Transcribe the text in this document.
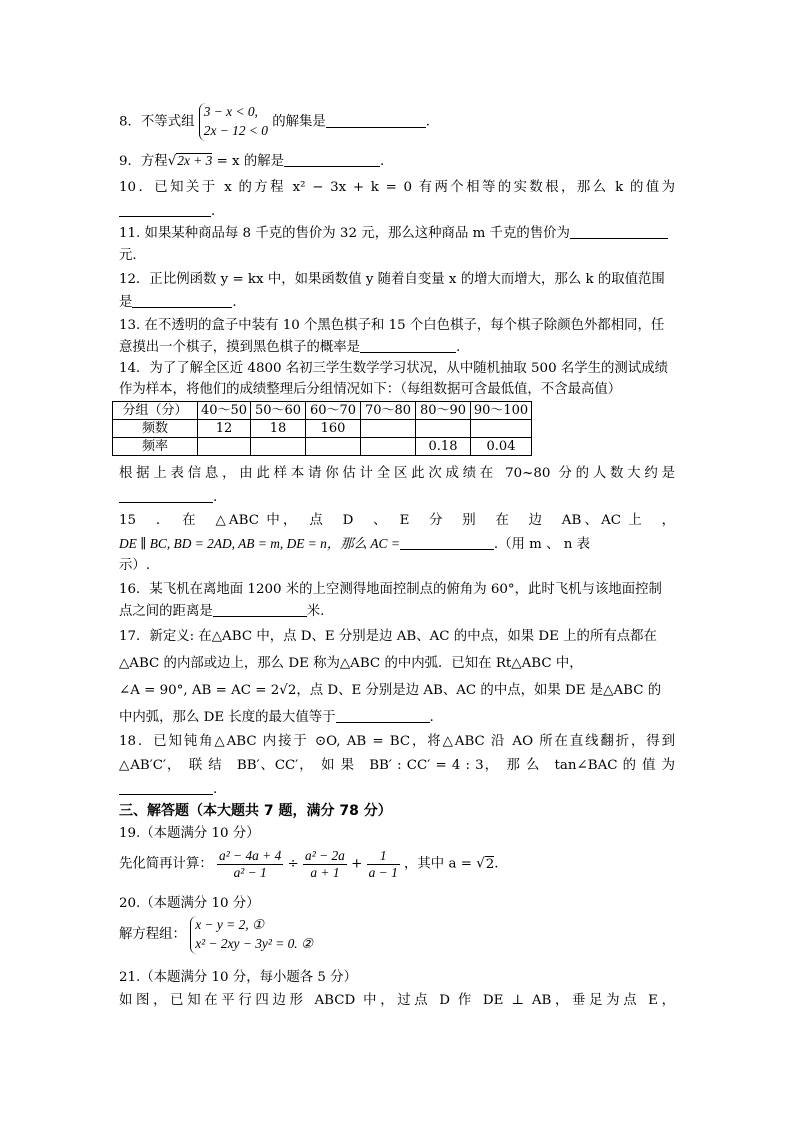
8．不等式组 3 − x < 0,
2x − 12 < 0 的解集是	.
9．方程√2x + 3 = x 的解是	.
10．已知关于 x 的方程 x² − 3x + k = 0 有两个相等的实数根，那么 k 的值为
.
11. 如果某种商品每 8 千克的售价为 32 元，那么这种商品 m 千克的售价为
元.
12．正比例函数 y = kx 中，如果函数值 y 随着自变量 x 的增大而增大，那么 k 的取值范围
是	.
13. 在不透明的盒子中装有 10 个黑色棋子和 15 个白色棋子，每个棋子除颜色外都相同，任
意摸出一个棋子，摸到黑色棋子的概率是	.
14．为了了解全区近 4800 名初三学生数学学习状况，从中随机抽取 500 名学生的测试成绩
作为样本，将他们的成绩整理后分组情况如下：（每组数据可含最低值，不含最高值）
分组（分）	40～50	50～60	60～70	70～80	80～90	90～100
频数	12	18	160			
频率					0.18	0.04
根据上表信息，由此样本请你估计全区此次成绩在 70~80 分的人数大约是
.
15　．　在　△ABC 中，　点　D　、　E　分　别　在　边　AB、AC 上　，
DE ∥ BC, BD = 2AD, AB = m, DE = n，那么 AC =	.（用 m 、 n 表
示）.
16．某飞机在离地面 1200 米的上空测得地面控制点的俯角为 60°，此时飞机与该地面控制
点之间的距离是	米.
17．新定义: 在△ABC 中，点 D、E 分别是边 AB、AC 的中点，如果 DE 上的所有点都在
△ABC 的内部或边上，那么 DE 称为△ABC 的中内弧．已知在 Rt△ABC 中，
∠A = 90°, AB = AC = 2√2，点 D、E 分别是边 AB、AC 的中点，如果 DE 是△ABC 的
中内弧，那么 DE 长度的最大值等于	.
18．已知钝角△ABC 内接于 ⊙O, AB = BC，将△ABC 沿 AO 所在直线翻折，得到
△AB′C′，　联 结　BB′、CC′，　如 果　BB′ : CC′ = 4 : 3，　那 么　tan∠BAC 的 值 为
.
三、解答题（本大题共 7 题，满分 78 分）
19.（本题满分 10 分）
先化简再计算： $\frac{\text{a² − 4a + 4}}{\text{a² − 1}} \div \frac{\text{a² − 2a}}{a + 1} + \frac{1}{a - 1}$ ，其中 a = √2.
20.（本题满分 10 分）
解方程组： x − y = 2, ①
x² − 2xy − 3y² = 0. ②
21.（本题满分 10 分，每小题各 5 分）
如图，已知在平行四边形 ABCD 中，过点 D 作 DE ⊥ AB，垂足为点 E，
